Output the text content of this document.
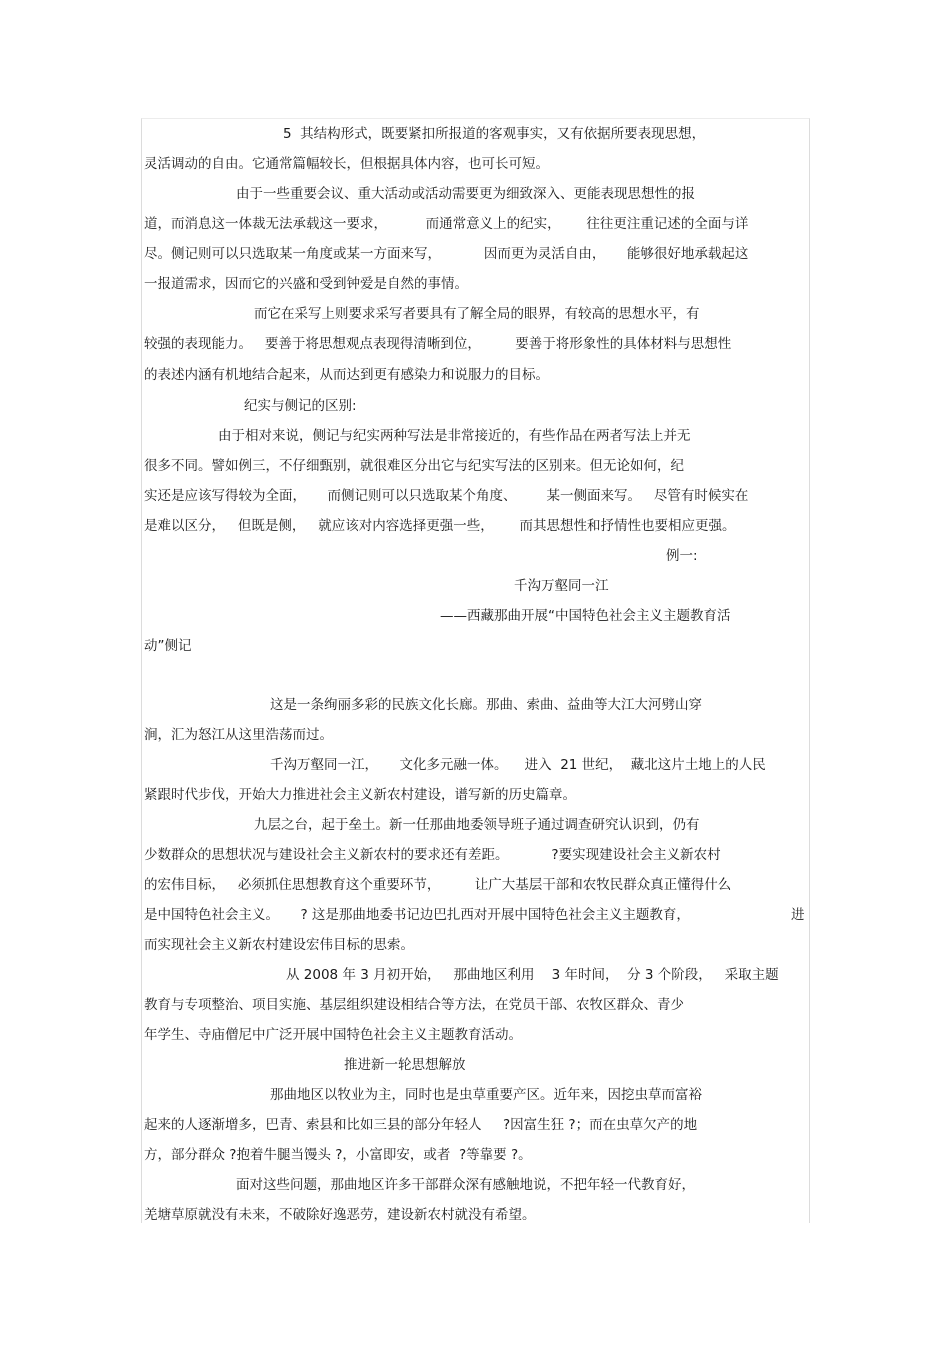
5  其结构形式，既要紧扣所报道的客观事实，又有依据所要表现思想，
灵活调动的自由。它通常篇幅较长，但根据具体内容，也可长可短。
由于一些重要会议、重大活动或活动需要更为细致深入、更能表现思想性的报
道，而消息这一体裁无法承载这一要求，         而通常意义上的纪实，      往往更注重记述的全面与详
尽。侧记则可以只选取某一角度或某一方面来写，          因而更为灵活自由，     能够很好地承载起这
一报道需求，因而它的兴盛和受到钟爱是自然的事情。
而它在采写上则要求采写者要具有了解全局的眼界，有较高的思想水平，有
较强的表现能力。   要善于将思想观点表现得清晰到位，        要善于将形象性的具体材料与思想性
的表述内涵有机地结合起来，从而达到更有感染力和说服力的目标。
纪实与侧记的区别:
由于相对来说，侧记与纪实两种写法是非常接近的，有些作品在两者写法上并无
很多不同。譬如例三，不仔细甄别，就很难区分出它与纪实写法的区别来。但无论如何，纪
实还是应该写得较为全面，     而侧记则可以只选取某个角度、       某一侧面来写。   尽管有时候实在
是难以区分，   但既是侧，   就应该对内容选择更强一些，      而其思想性和抒情性也要相应更强。
例一:
千沟万壑同一江
——西藏那曲开展“中国特色社会主义主题教育活
动”侧记
这是一条绚丽多彩的民族文化长廊。那曲、索曲、益曲等大江大河劈山穿
涧，汇为怒江从这里浩荡而过。
千沟万壑同一江，     文化多元融一体。    进入  21 世纪，  藏北这片土地上的人民
紧跟时代步伐，开始大力推进社会主义新农村建设，谱写新的历史篇章。
九层之台，起于垒土。新一任那曲地委领导班子通过调查研究认识到，仍有
少数群众的思想状况与建设社会主义新农村的要求还有差距。          ?要实现建设社会主义新农村
的宏伟目标，   必须抓住思想教育这个重要环节，        让广大基层干部和农牧民群众真正懂得什么
是中国特色社会主义。     ? 这是那曲地委书记边巴扎西对开展中国特色社会主义主题教育，	进
而实现社会主义新农村建设宏伟目标的思索。
从 2008 年 3 月初开始，   那曲地区利用    3 年时间，  分 3 个阶段，   采取主题
教育与专项整治、项目实施、基层组织建设相结合等方法，在党员干部、农牧区群众、青少
年学生、寺庙僧尼中广泛开展中国特色社会主义主题教育活动。
推进新一轮思想解放
那曲地区以牧业为主，同时也是虫草重要产区。近年来，因挖虫草而富裕
起来的人逐渐增多，巴青、索县和比如三县的部分年轻人     ?因富生狂 ?；而在虫草欠产的地
方，部分群众 ?抱着牛腿当馒头 ?，小富即安，或者  ?等靠要 ?。
面对这些问题，那曲地区许多干部群众深有感触地说，不把年轻一代教育好，
羌塘草原就没有未来，不破除好逸恶劳，建设新农村就没有希望。
